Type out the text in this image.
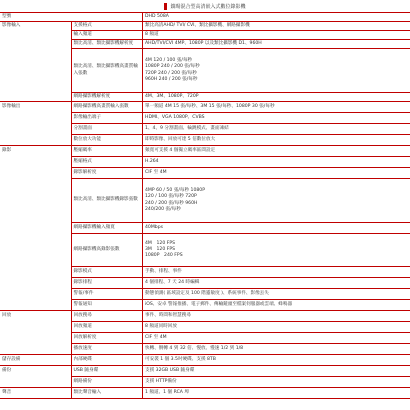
鎮暘混合型高清嵌入式數位錄影機
型號		DHD 508A

影像輸入	支援格式	類比高清AHD/ TVI/ CVI、類比攝影機、網路攝影機

	輸入頻道	8 頻道

	類比高清、類比攝影機解析度	AHD/TVI/CVI 4MP、1080P 以及類比攝影機 D1、960H

	類比高清、類比攝影機高畫質輸入張數	4M 120 / 100 張/每秒
1080P 240 / 200 張/每秒
720P 240 / 200 張/每秒
960H 240 / 200 張/每秒

	網路攝影機解析度	4M、3M、1080P、720P

影像輸出	網路攝影機高畫質輸入張數	單一頻道 4M 15 張/每秒、3M 15 張/每秒、1080P 30 張/每秒

	影像輸出端子	HDMI、VGA 1080P、CVBS

	分割畫面	1、4、9 分割畫面、輪跳模式、畫面凍結

	數位放大功能	即時影像、回放可達 5 倍數位放大

錄影	壓縮碼率	頻寬可支援 4 個獨立碼率區間設定

	壓縮格式	H.264

	錄影解析度	CIF 至 4M

	類比高清、類比攝影機錄影張數	4MP 60 / 50 張/每秒 1080P
120 / 100 張/每秒 720P
240 / 200 張/每秒 960H
240/200 張/每秒

	網路攝影機輸入頻寬	40Mbps

	網路攝影機高錄影張數	4M　120 FPS
3M　120 FPS
1080P　240 FPS

	錄影模式	手動、排程、事件

	錄影排程	4 個排程、7 天 24 時編輯

	警報/事件	動態偵測( 區域設定及 100 階靈敏度 )、系統事件、影像丟失

	警報通知	iOS、安卓 警報推播、電子郵件、傳輸鏡頭至檔案伺服器或雲端、蜂鳴器

回放	回放搜尋	事件、時間和智慧搜尋

	回放頻道	8 頻道同時回放

	回放解析度	CIF 至 4M

	播放速度	快轉、倒轉 4 到 32 倍、慢放、慢速 1/2 到 1/8

儲存設備	內部硬碟	可安裝 1 個 3.5吋硬碟、支援 8TB

備份	USB 隨身碟	支援 32GB USB 隨身碟

	網路備份	支援 HTTP備份

聲音	類比聲音輸入	1 頻道、1 個 RCA 埠
